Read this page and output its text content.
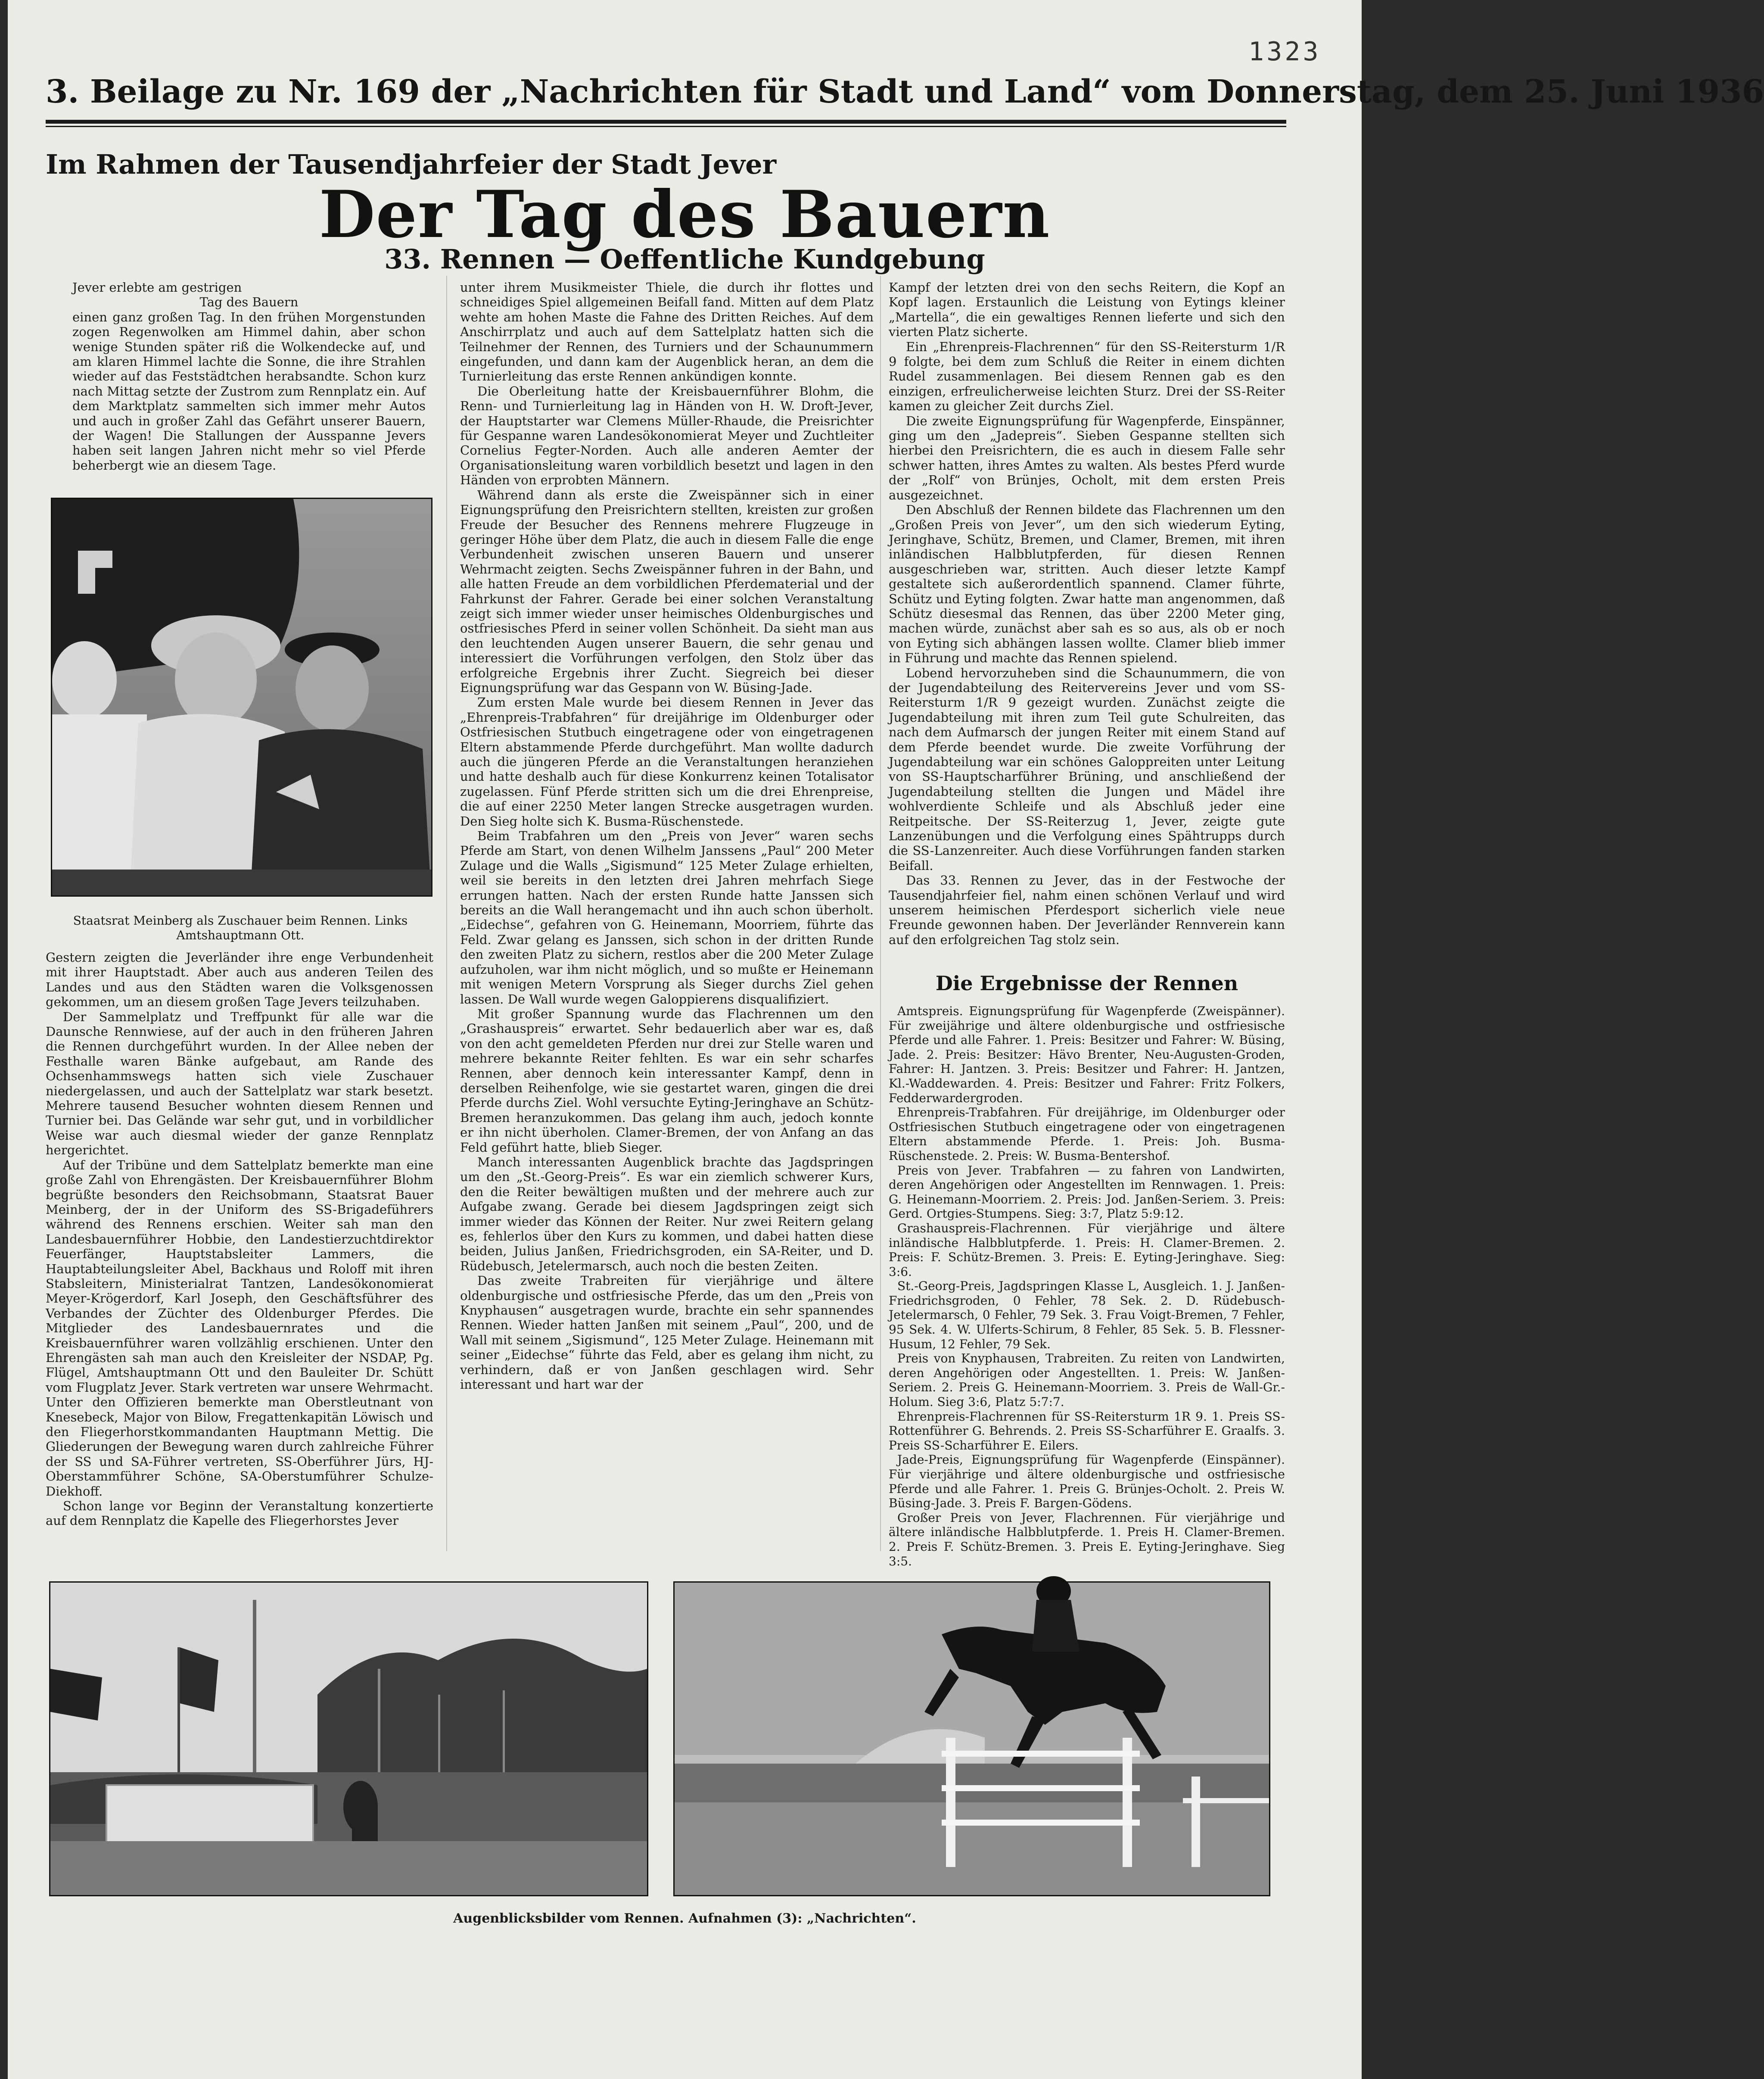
1323
3. Beilage zu Nr. 169 der „Nachrichten für Stadt und Land“ vom Donnerstag, dem 25. Juni 1936
Im Rahmen der Tausendjahrfeier der Stadt Jever
Der Tag des Bauern
33. Rennen — Oeffentliche Kundgebung

Jever erlebte am gestrigen

Tag des Bauern

einen ganz großen Tag. In den frühen Morgenstunden zogen Regenwolken am Himmel dahin, aber schon wenige Stunden später riß die Wolkendecke auf, und am klaren Himmel lachte die Sonne, die ihre Strahlen wieder auf das Feststädtchen herabsandte. Schon kurz nach Mittag setzte der Zustrom zum Rennplatz ein. Auf dem Marktplatz sammelten sich immer mehr Autos und auch in großer Zahl das Gefährt unserer Bauern, der Wagen! Die Stallungen der Ausspanne Jevers haben seit langen Jahren nicht mehr so viel Pferde beherbergt wie an diesem Tage.

Staatsrat Meinberg als Zuschauer beim Rennen. Links Amtshauptmann Ott.

Gestern zeigten die Jeverländer ihre enge Verbundenheit mit ihrer Hauptstadt. Aber auch aus anderen Teilen des Landes und aus den Städten waren die Volksgenossen gekommen, um an diesem großen Tage Jevers teilzuhaben.

Der Sammelplatz und Treffpunkt für alle war die Daunsche Rennwiese, auf der auch in den früheren Jahren die Rennen durchgeführt wurden. In der Allee neben der Festhalle waren Bänke aufgebaut, am Rande des Ochsenhammswegs hatten sich viele Zuschauer niedergelassen, und auch der Sattelplatz war stark besetzt. Mehrere tausend Besucher wohnten diesem Rennen und Turnier bei. Das Gelände war sehr gut, und in vorbildlicher Weise war auch diesmal wieder der ganze Rennplatz hergerichtet.

Auf der Tribüne und dem Sattelplatz bemerkte man eine große Zahl von Ehrengästen. Der Kreisbauernführer Blohm begrüßte besonders den Reichsobmann, Staatsrat Bauer Meinberg, der in der Uniform des SS-Brigadeführers während des Rennens erschien. Weiter sah man den Landesbauernführer Hobbie, den Landestierzuchtdirektor Feuerfänger, Hauptstabsleiter Lammers, die Hauptabteilungsleiter Abel, Backhaus und Roloff mit ihren Stabsleitern, Ministerialrat Tantzen, Landesökonomierat Meyer-Krögerdorf, Karl Joseph, den Geschäftsführer des Verbandes der Züchter des Oldenburger Pferdes. Die Mitglieder des Landesbauernrates und die Kreisbauernführer waren vollzählig erschienen. Unter den Ehrengästen sah man auch den Kreisleiter der NSDAP, Pg. Flügel, Amtshauptmann Ott und den Bauleiter Dr. Schütt vom Flugplatz Jever. Stark vertreten war unsere Wehrmacht. Unter den Offizieren bemerkte man Oberstleutnant von Knesebeck, Major von Bilow, Fregattenkapitän Löwisch und den Fliegerhorstkommandanten Hauptmann Mettig. Die Gliederungen der Bewegung waren durch zahlreiche Führer der SS und SA-Führer vertreten, SS-Oberführer Jürs, HJ-Oberstammführer Schöne, SA-Oberstumführer Schulze-Diekhoff.

Schon lange vor Beginn der Veranstaltung konzertierte auf dem Rennplatz die Kapelle des Fliegerhorstes Jever

unter ihrem Musikmeister Thiele, die durch ihr flottes und schneidiges Spiel allgemeinen Beifall fand. Mitten auf dem Platz wehte am hohen Maste die Fahne des Dritten Reiches. Auf dem Anschirrplatz und auch auf dem Sattelplatz hatten sich die Teilnehmer der Rennen, des Turniers und der Schaunummern eingefunden, und dann kam der Augenblick heran, an dem die Turnierleitung das erste Rennen ankündigen konnte.

Die Oberleitung hatte der Kreisbauernführer Blohm, die Renn- und Turnierleitung lag in Händen von H. W. Droft-Jever, der Hauptstarter war Clemens Müller-Rhaude, die Preisrichter für Gespanne waren Landesökonomierat Meyer und Zuchtleiter Cornelius Fegter-Norden. Auch alle anderen Aemter der Organisationsleitung waren vorbildlich besetzt und lagen in den Händen von erprobten Männern.

Während dann als erste die Zweispänner sich in einer Eignungsprüfung den Preisrichtern stellten, kreisten zur großen Freude der Besucher des Rennens mehrere Flugzeuge in geringer Höhe über dem Platz, die auch in diesem Falle die enge Verbundenheit zwischen unseren Bauern und unserer Wehrmacht zeigten. Sechs Zweispänner fuhren in der Bahn, und alle hatten Freude an dem vorbildlichen Pferdematerial und der Fahrkunst der Fahrer. Gerade bei einer solchen Veranstaltung zeigt sich immer wieder unser heimisches Oldenburgisches und ostfriesisches Pferd in seiner vollen Schönheit. Da sieht man aus den leuchtenden Augen unserer Bauern, die sehr genau und interessiert die Vorführungen verfolgen, den Stolz über das erfolgreiche Ergebnis ihrer Zucht. Siegreich bei dieser Eignungsprüfung war das Gespann von W. Büsing-Jade.

Zum ersten Male wurde bei diesem Rennen in Jever das „Ehrenpreis-Trabfahren“ für dreijährige im Oldenburger oder Ostfriesischen Stutbuch eingetragene oder von eingetragenen Eltern abstammende Pferde durchgeführt. Man wollte dadurch auch die jüngeren Pferde an die Veranstaltungen heranziehen und hatte deshalb auch für diese Konkurrenz keinen Totalisator zugelassen. Fünf Pferde stritten sich um die drei Ehrenpreise, die auf einer 2250 Meter langen Strecke ausgetragen wurden. Den Sieg holte sich K. Busma-Rüschenstede.

Beim Trabfahren um den „Preis von Jever“ waren sechs Pferde am Start, von denen Wilhelm Janssens „Paul“ 200 Meter Zulage und die Walls „Sigismund“ 125 Meter Zulage erhielten, weil sie bereits in den letzten drei Jahren mehrfach Siege errungen hatten. Nach der ersten Runde hatte Janssen sich bereits an die Wall herangemacht und ihn auch schon überholt. „Eidechse“, gefahren von G. Heinemann, Moorriem, führte das Feld. Zwar gelang es Janssen, sich schon in der dritten Runde den zweiten Platz zu sichern, restlos aber die 200 Meter Zulage aufzuholen, war ihm nicht möglich, und so mußte er Heinemann mit wenigen Metern Vorsprung als Sieger durchs Ziel gehen lassen. De Wall wurde wegen Galoppierens disqualifiziert.

Mit großer Spannung wurde das Flachrennen um den „Grashauspreis“ erwartet. Sehr bedauerlich aber war es, daß von den acht gemeldeten Pferden nur drei zur Stelle waren und mehrere bekannte Reiter fehlten. Es war ein sehr scharfes Rennen, aber dennoch kein interessanter Kampf, denn in derselben Reihenfolge, wie sie gestartet waren, gingen die drei Pferde durchs Ziel. Wohl versuchte Eyting-Jeringhave an Schütz-Bremen heranzukommen. Das gelang ihm auch, jedoch konnte er ihn nicht überholen. Clamer-Bremen, der von Anfang an das Feld geführt hatte, blieb Sieger.

Manch interessanten Augenblick brachte das Jagdspringen um den „St.-Georg-Preis“. Es war ein ziemlich schwerer Kurs, den die Reiter bewältigen mußten und der mehrere auch zur Aufgabe zwang. Gerade bei diesem Jagdspringen zeigt sich immer wieder das Können der Reiter. Nur zwei Reitern gelang es, fehlerlos über den Kurs zu kommen, und dabei hatten diese beiden, Julius Janßen, Friedrichsgroden, ein SA-Reiter, und D. Rüdebusch, Jetelermarsch, auch noch die besten Zeiten.

Das zweite Trabreiten für vierjährige und ältere oldenburgische und ostfriesische Pferde, das um den „Preis von Knyphausen“ ausgetragen wurde, brachte ein sehr spannendes Rennen. Wieder hatten Janßen mit seinem „Paul“, 200, und de Wall mit seinem „Sigismund“, 125 Meter Zulage. Heinemann mit seiner „Eidechse“ führte das Feld, aber es gelang ihm nicht, zu verhindern, daß er von Janßen geschlagen wird. Sehr interessant und hart war der

Kampf der letzten drei von den sechs Reitern, die Kopf an Kopf lagen. Erstaunlich die Leistung von Eytings kleiner „Martella“, die ein gewaltiges Rennen lieferte und sich den vierten Platz sicherte.

Ein „Ehrenpreis-Flachrennen“ für den SS-Reitersturm 1/R 9 folgte, bei dem zum Schluß die Reiter in einem dichten Rudel zusammenlagen. Bei diesem Rennen gab es den einzigen, erfreulicherweise leichten Sturz. Drei der SS-Reiter kamen zu gleicher Zeit durchs Ziel.

Die zweite Eignungsprüfung für Wagenpferde, Einspänner, ging um den „Jadepreis“. Sieben Gespanne stellten sich hierbei den Preisrichtern, die es auch in diesem Falle sehr schwer hatten, ihres Amtes zu walten. Als bestes Pferd wurde der „Rolf“ von Brünjes, Ocholt, mit dem ersten Preis ausgezeichnet.

Den Abschluß der Rennen bildete das Flachrennen um den „Großen Preis von Jever“, um den sich wiederum Eyting, Jeringhave, Schütz, Bremen, und Clamer, Bremen, mit ihren inländischen Halbblutpferden, für diesen Rennen ausgeschrieben war, stritten. Auch dieser letzte Kampf gestaltete sich außerordentlich spannend. Clamer führte, Schütz und Eyting folgten. Zwar hatte man angenommen, daß Schütz diesesmal das Rennen, das über 2200 Meter ging, machen würde, zunächst aber sah es so aus, als ob er noch von Eyting sich abhängen lassen wollte. Clamer blieb immer in Führung und machte das Rennen spielend.

Lobend hervorzuheben sind die Schaunummern, die von der Jugendabteilung des Reitervereins Jever und vom SS-Reitersturm 1/R 9 gezeigt wurden. Zunächst zeigte die Jugendabteilung mit ihren zum Teil gute Schulreiten, das nach dem Aufmarsch der jungen Reiter mit einem Stand auf dem Pferde beendet wurde. Die zweite Vorführung der Jugendabteilung war ein schönes Galoppreiten unter Leitung von SS-Hauptscharführer Brüning, und anschließend der Jugendabteilung stellten die Jungen und Mädel ihre wohlverdiente Schleife und als Abschluß jeder eine Reitpeitsche. Der SS-Reiterzug 1, Jever, zeigte gute Lanzenübungen und die Verfolgung eines Spähtrupps durch die SS-Lanzenreiter. Auch diese Vorführungen fanden starken Beifall.

Das 33. Rennen zu Jever, das in der Festwoche der Tausendjahrfeier fiel, nahm einen schönen Verlauf und wird unserem heimischen Pferdesport sicherlich viele neue Freunde gewonnen haben. Der Jeverländer Rennverein kann auf den erfolgreichen Tag stolz sein.

Die Ergebnisse der Rennen

Amtspreis. Eignungsprüfung für Wagenpferde (Zweispänner). Für zweijährige und ältere oldenburgische und ostfriesische Pferde und alle Fahrer. 1. Preis: Besitzer und Fahrer: W. Büsing, Jade. 2. Preis: Besitzer: Hävo Brenter, Neu-Augusten-Groden, Fahrer: H. Jantzen. 3. Preis: Besitzer und Fahrer: H. Jantzen, Kl.-Waddewarden. 4. Preis: Besitzer und Fahrer: Fritz Folkers, Fedderwardergroden.

Ehrenpreis-Trabfahren. Für dreijährige, im Oldenburger oder Ostfriesischen Stutbuch eingetragene oder von eingetragenen Eltern abstammende Pferde. 1. Preis: Joh. Busma-Rüschenstede. 2. Preis: W. Busma-Bentershof.

Preis von Jever. Trabfahren — zu fahren von Landwirten, deren Angehörigen oder Angestellten im Rennwagen. 1. Preis: G. Heinemann-Moorriem. 2. Preis: Jod. Janßen-Seriem. 3. Preis: Gerd. Ortgies-Stumpens. Sieg: 3:7, Platz 5:9:12.

Grashauspreis-Flachrennen. Für vierjährige und ältere inländische Halbblutpferde. 1. Preis: H. Clamer-Bremen. 2. Preis: F. Schütz-Bremen. 3. Preis: E. Eyting-Jeringhave. Sieg: 3:6.

St.-Georg-Preis, Jagdspringen Klasse L, Ausgleich. 1. J. Janßen-Friedrichsgroden, 0 Fehler, 78 Sek. 2. D. Rüdebusch-Jetelermarsch, 0 Fehler, 79 Sek. 3. Frau Voigt-Bremen, 7 Fehler, 95 Sek. 4. W. Ulferts-Schirum, 8 Fehler, 85 Sek. 5. B. Flessner-Husum, 12 Fehler, 79 Sek.

Preis von Knyphausen, Trabreiten. Zu reiten von Landwirten, deren Angehörigen oder Angestellten. 1. Preis: W. Janßen-Seriem. 2. Preis G. Heinemann-Moorriem. 3. Preis de Wall-Gr.-Holum. Sieg 3:6, Platz 5:7:7.

Ehrenpreis-Flachrennen für SS-Reitersturm 1R 9. 1. Preis SS-Rottenführer G. Behrends. 2. Preis SS-Scharführer E. Graalfs. 3. Preis SS-Scharführer E. Eilers.

Jade-Preis, Eignungsprüfung für Wagenpferde (Einspänner). Für vierjährige und ältere oldenburgische und ostfriesische Pferde und alle Fahrer. 1. Preis G. Brünjes-Ocholt. 2. Preis W. Büsing-Jade. 3. Preis F. Bargen-Gödens.

Großer Preis von Jever, Flachrennen. Für vierjährige und ältere inländische Halbblutpferde. 1. Preis H. Clamer-Bremen. 2. Preis F. Schütz-Bremen. 3. Preis E. Eyting-Jeringhave. Sieg 3:5.

Augenblicksbilder vom Rennen. Aufnahmen (3): „Nachrichten“.
